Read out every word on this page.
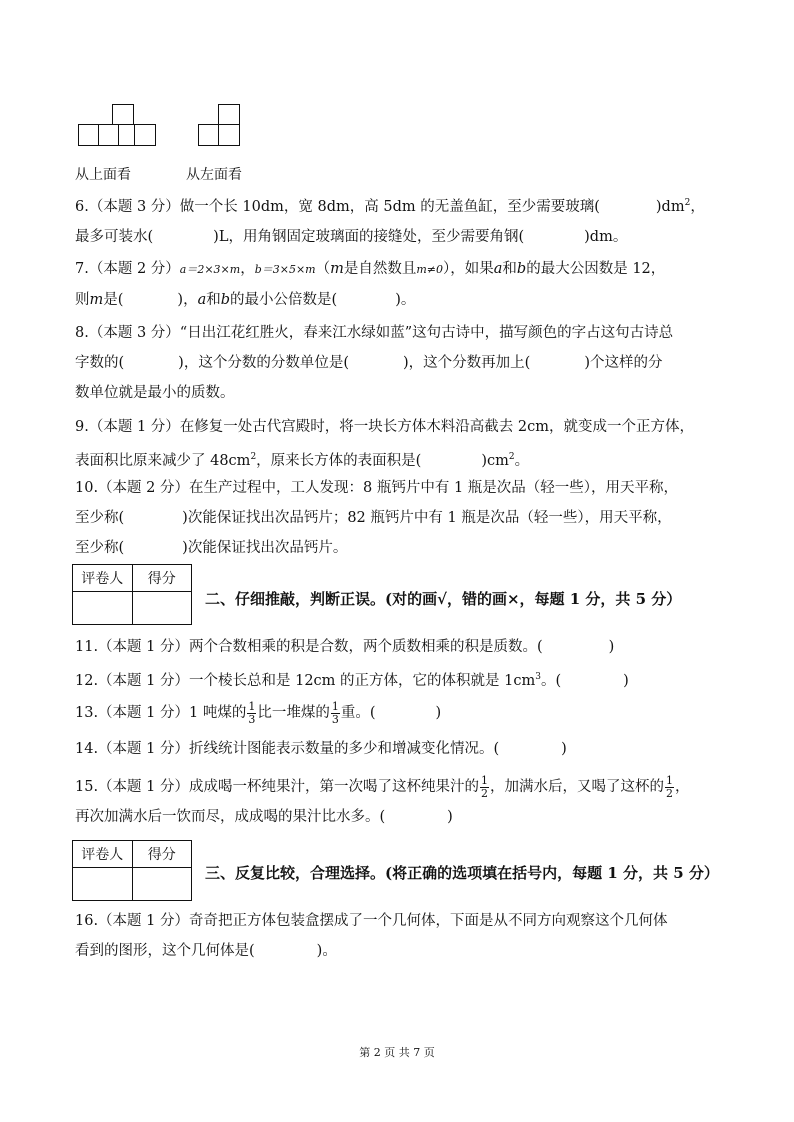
从上面看	从左面看
6.（本题 3 分）做一个长 10dm，宽 8dm，高 5dm 的无盖鱼缸，至少需要玻璃(	)$dm^2$，
最多可装水(	)L，用角钢固定玻璃面的接缝处，至少需要角钢(	)dm。
7.（本题 2 分）a＝2×3×m，b＝3×5×m（m是自然数且m≠0），如果a和b的最大公因数是 12，
则m是(	)，a和b的最小公倍数是(	)。
8.（本题 3 分）“日出江花红胜火，春来江水绿如蓝”这句古诗中，描写颜色的字占这句古诗总
字数的(	)，这个分数的分数单位是(	)，这个分数再加上(	)个这样的分
数单位就是最小的质数。
9.（本题 1 分）在修复一处古代宫殿时，将一块长方体木料沿高截去 2cm，就变成一个正方体，
表面积比原来减少了 $48cm^2$，原来长方体的表面积是(	)$cm^2$。
10.（本题 2 分）在生产过程中，工人发现：8 瓶钙片中有 1 瓶是次品（轻一些），用天平称，
至少称(	)次能保证找出次品钙片；82 瓶钙片中有 1 瓶是次品（轻一些），用天平称，
至少称(	)次能保证找出次品钙片。
评卷人	得分

二、仔细推敲，判断正误。(对的画√，错的画×，每题 1 分，共 5 分）
11.（本题 1 分）两个合数相乘的积是合数，两个质数相乘的积是质数。(	)
12.（本题 1 分）一个棱长总和是 12cm 的正方体，它的体积就是 $1cm^3$。(	)
13.（本题 1 分）1 吨煤的 $\frac{1}{3}$ 比一堆煤的 $\frac{1}{3}$ 重。(	)
14.（本题 1 分）折线统计图能表示数量的多少和增减变化情况。(	)
15.（本题 1 分）成成喝一杯纯果汁，第一次喝了这杯纯果汁的 $\frac{1}{2}$ ，加满水后，又喝了这杯的 $\frac{1}{2}$ ，
再次加满水后一饮而尽，成成喝的果汁比水多。(	)
评卷人	得分

三、反复比较，合理选择。(将正确的选项填在括号内，每题 1 分，共 5 分）
16.（本题 1 分）奇奇把正方体包装盒摆成了一个几何体，下面是从不同方向观察这个几何体
看到的图形，这个几何体是(	)。
第 2 页 共 7 页
